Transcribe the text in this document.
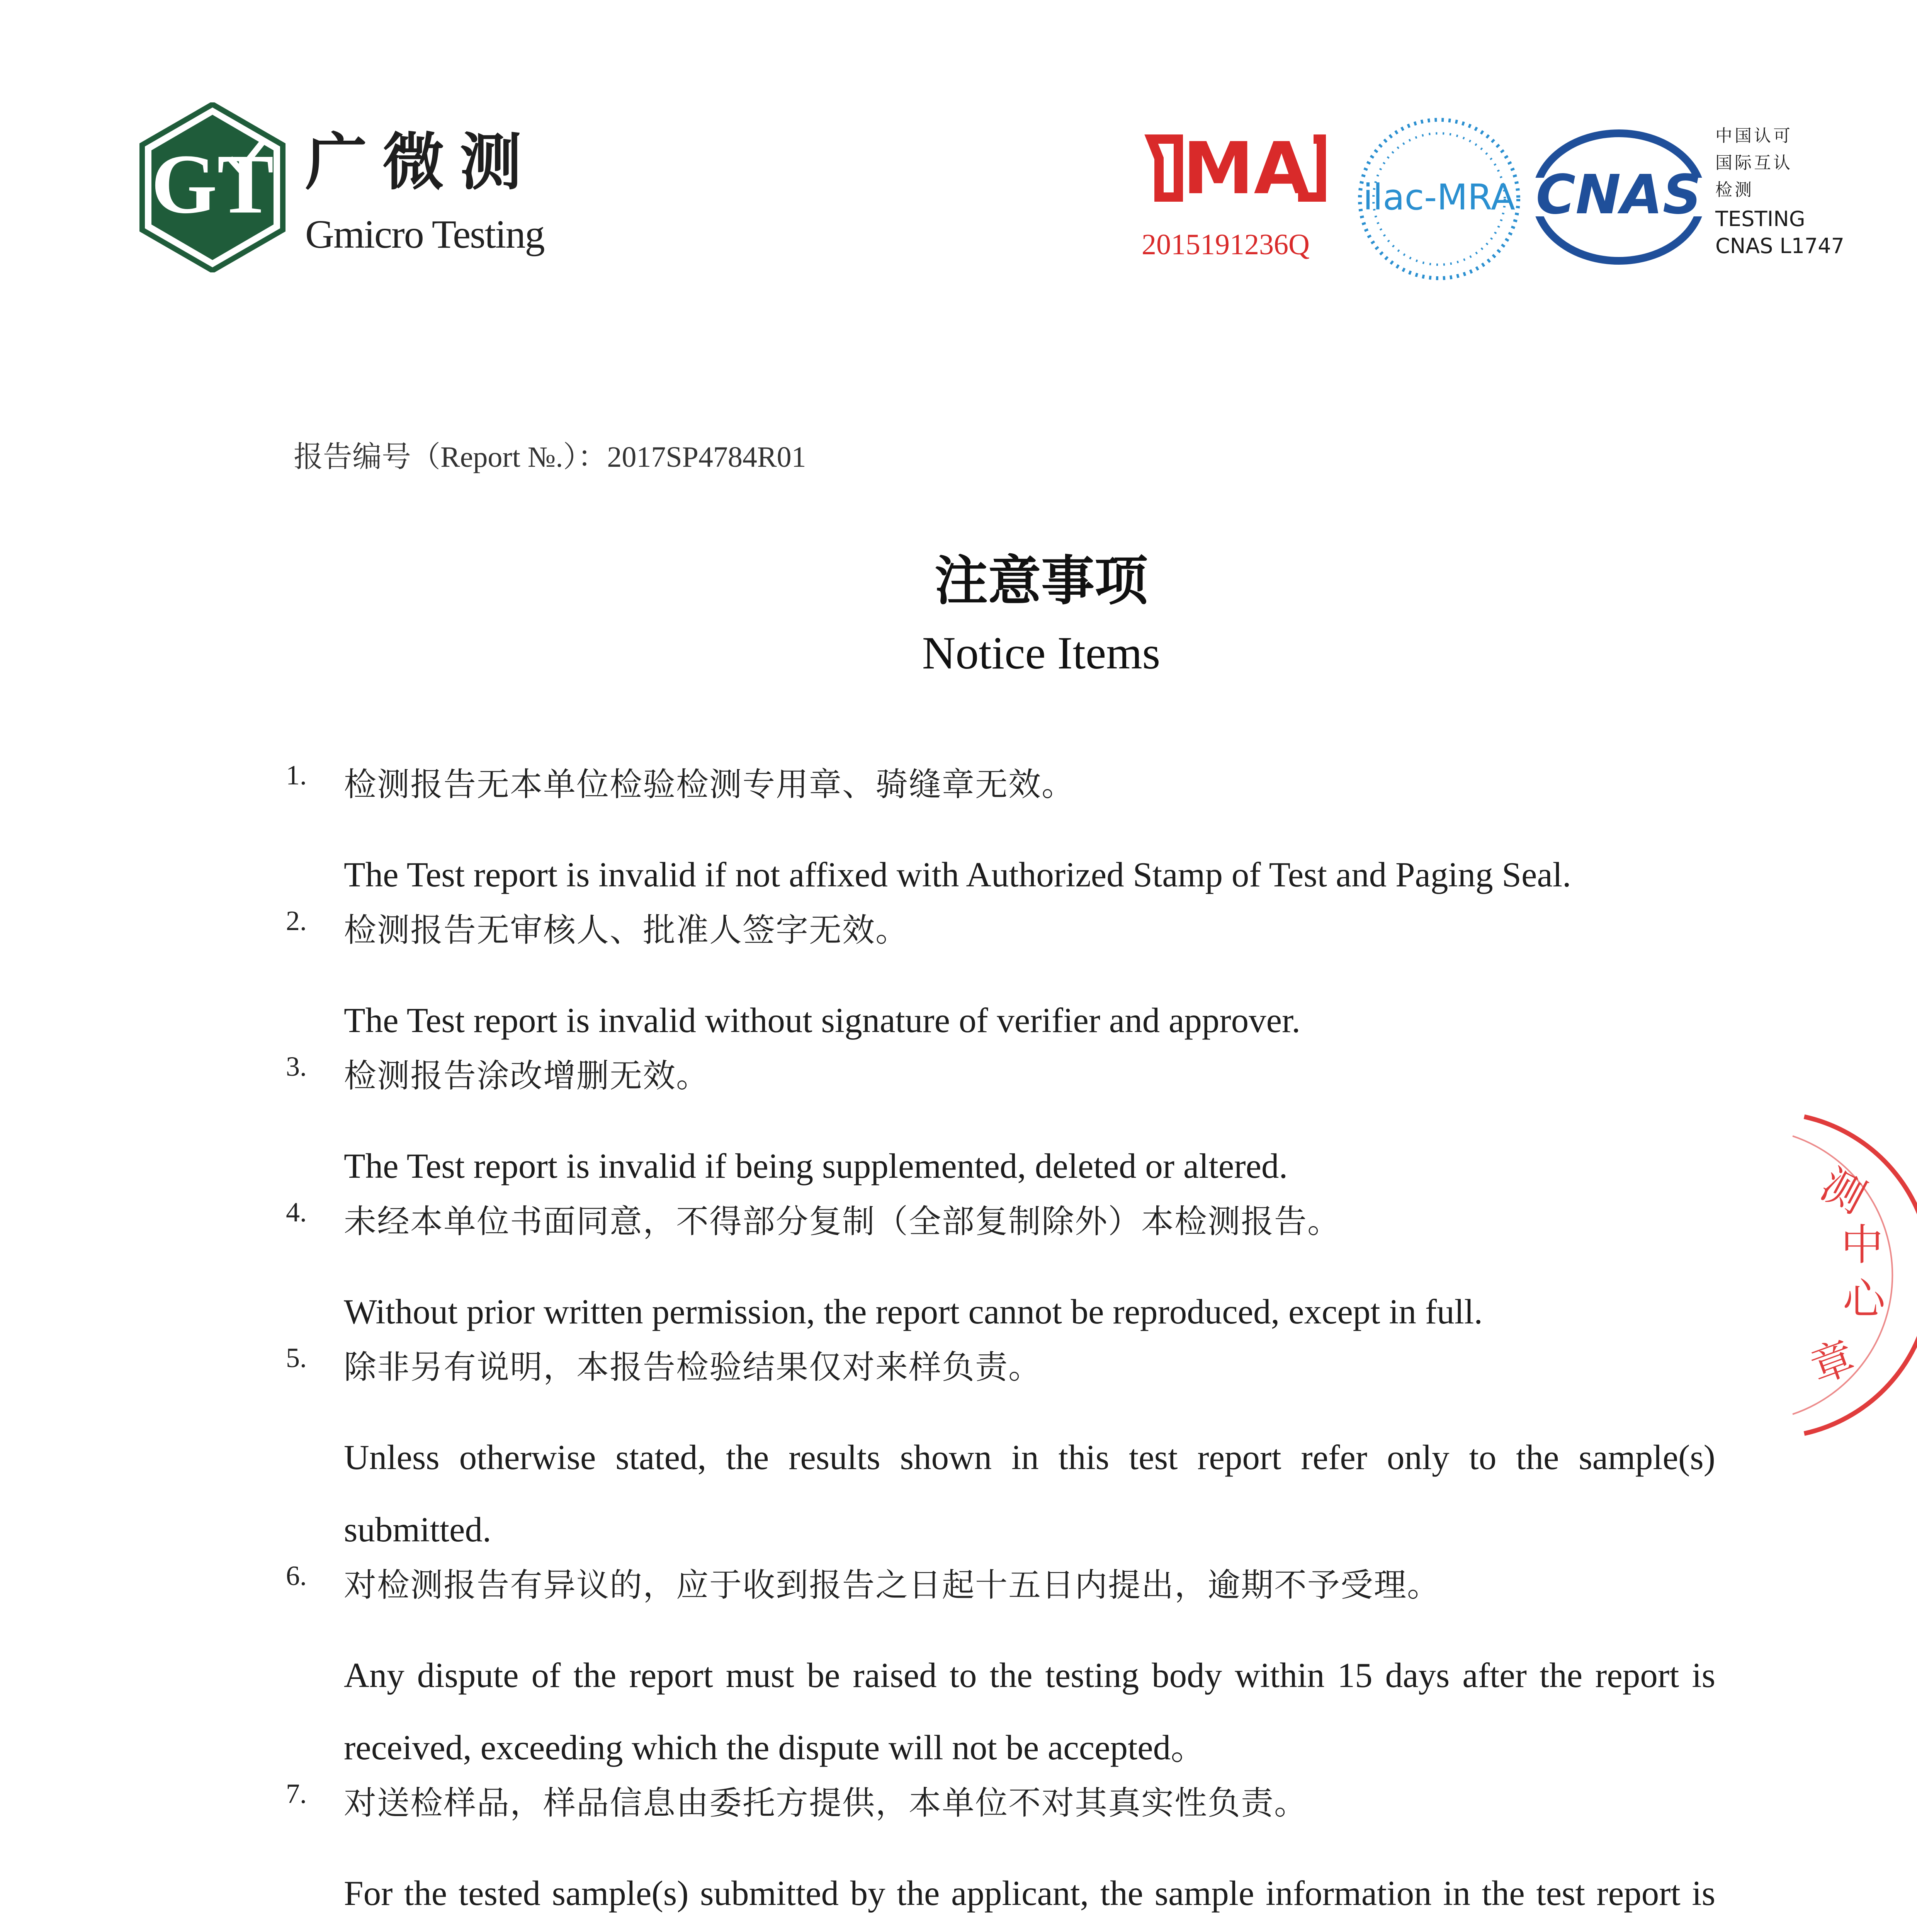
GT 广微测
Gmicro Testing
MA
2015191236Q
ilac-MRA CNAS
中国认可
国际互认
检测
TESTING
CNAS L1747
报告编号（Report №.）：2017SP4784R01
注意事项
Notice Items
1. 检测报告无本单位检验检测专用章、骑缝章无效。
The Test report is invalid if not affixed with Authorized Stamp of Test and Paging Seal.
2. 检测报告无审核人、批准人签字无效。
The Test report is invalid without signature of verifier and approver.
3. 检测报告涂改增删无效。
The Test report is invalid if being supplemented, deleted or altered.
4. 未经本单位书面同意，不得部分复制（全部复制除外）本检测报告。
Without prior written permission, the report cannot be reproduced, except in full.
5. 除非另有说明，本报告检验结果仅对来样负责。
Unless otherwise stated, the results shown in this test report refer only to the sample(s) submitted.
6. 对检测报告有异议的，应于收到报告之日起十五日内提出，逾期不予受理。
Any dispute of the report must be raised to the testing body within 15 days after the report is received, exceeding which the dispute will not be accepted。
7. 对送检样品，样品信息由委托方提供，本单位不对其真实性负责。
For the tested sample(s) submitted by the applicant, the sample information in the test report is
测
中
心
章
